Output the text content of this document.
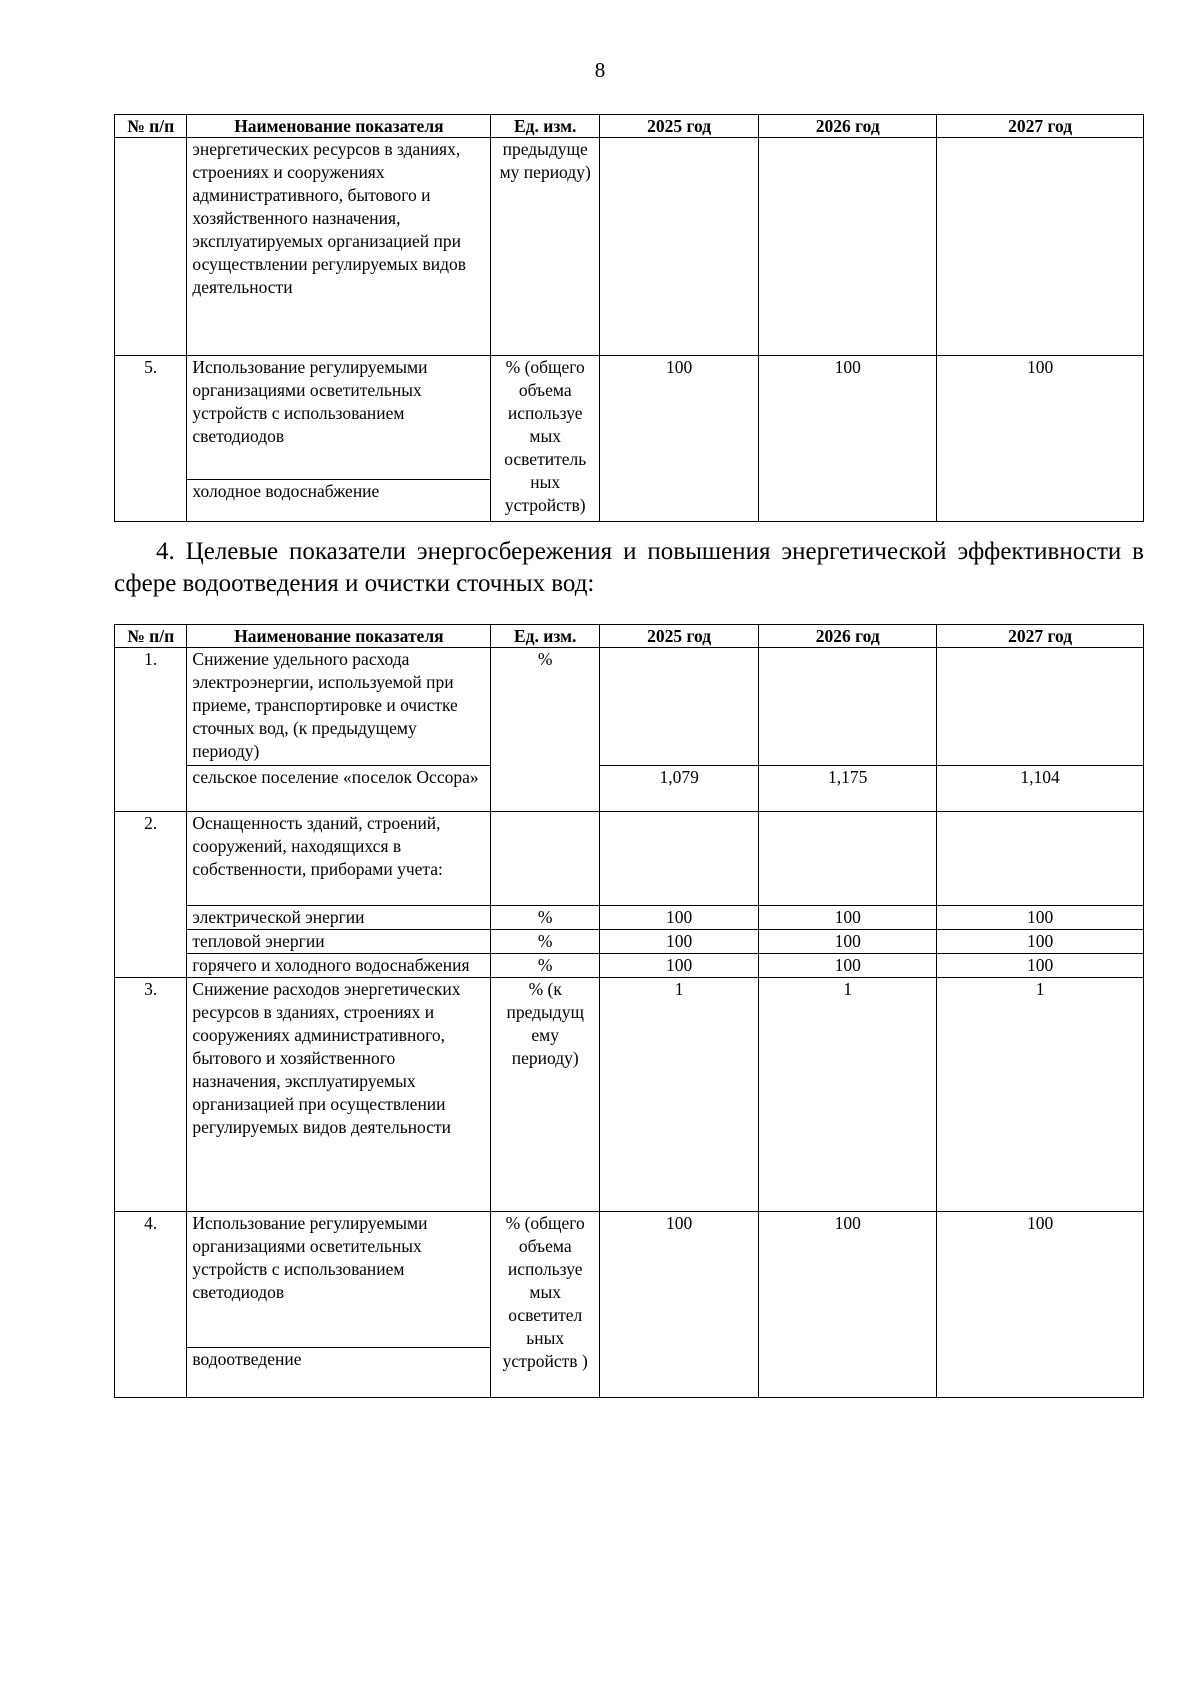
8
№ п/п	Наименование показателя	Ед. изм.	2025 год	2026 год	2027 год
	энергетических ресурсов в зданиях, строениях и сооружениях административного, бытового и хозяйственного назначения, эксплуатируемых организацией при осуществлении регулируемых видов деятельности	предыдуще му периоду)			
5.	Использование регулируемыми организациями осветительных устройств с использованием светодиодов	% (общего объема используе мых осветитель ных устройств)	100	100	100
	холодное водоснабжение				
4. Целевые показатели энергосбережения и повышения энергетической эффективности в сфере водоотведения и очистки сточных вод:
№ п/п	Наименование показателя	Ед. изм.	2025 год	2026 год	2027 год
1.	Снижение удельного расхода электроэнергии, используемой при приеме, транспортировке и очистке сточных вод, (к предыдущему периоду)	%			
	сельское поселение «поселок Оссора»		1,079	1,175	1,104
2.	Оснащенность зданий, строений, сооружений, находящихся в собственности, приборами учета:				
	электрической энергии	%	100	100	100
	тепловой энергии	%	100	100	100
	горячего и холодного водоснабжения	%	100	100	100
3.	Снижение расходов энергетических ресурсов в зданиях, строениях и сооружениях административного, бытового и хозяйственного назначения, эксплуатируемых организацией при осуществлении регулируемых видов деятельности	% (к предыдущ ему периоду)	1	1	1
4.	Использование регулируемыми организациями осветительных устройств с использованием светодиодов	% (общего объема используе мых осветител ьных устройств )	100	100	100
	водоотведение				
